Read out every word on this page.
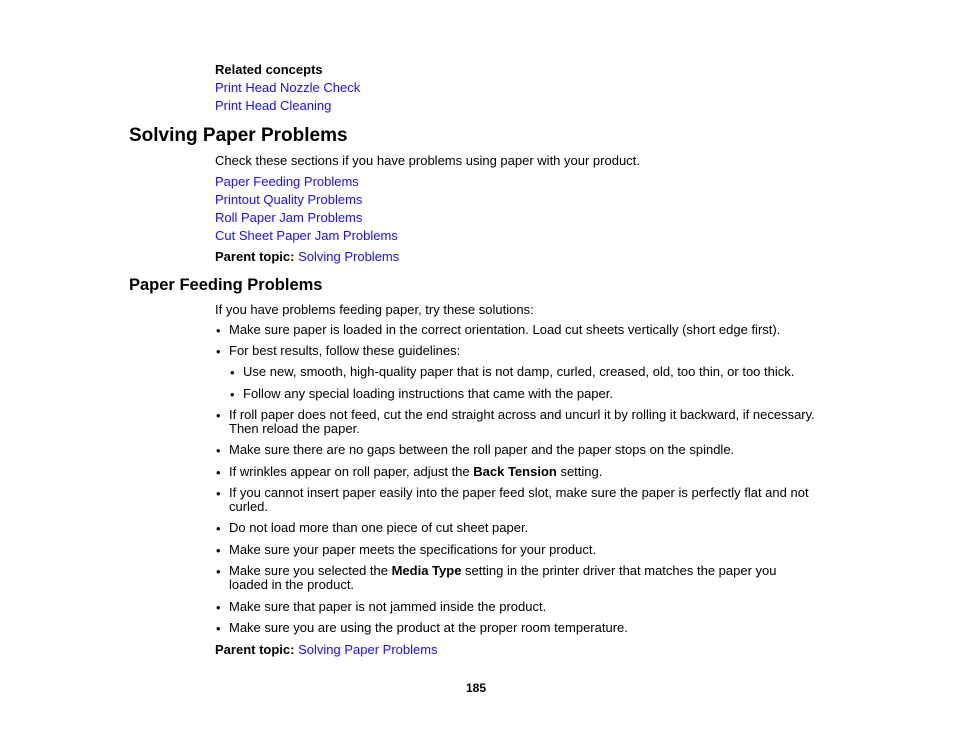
Related concepts
Print Head Nozzle Check
Print Head Cleaning
Solving Paper Problems
Check these sections if you have problems using paper with your product.
Paper Feeding Problems
Printout Quality Problems
Roll Paper Jam Problems
Cut Sheet Paper Jam Problems
Parent topic: Solving Problems
Paper Feeding Problems
If you have problems feeding paper, try these solutions:
• Make sure paper is loaded in the correct orientation. Load cut sheets vertically (short edge first).
• For best results, follow these guidelines:
• Use new, smooth, high-quality paper that is not damp, curled, creased, old, too thin, or too thick.
• Follow any special loading instructions that came with the paper.
• If roll paper does not feed, cut the end straight across and uncurl it by rolling it backward, if necessary. Then reload the paper.
• Make sure there are no gaps between the roll paper and the paper stops on the spindle.
• If wrinkles appear on roll paper, adjust the Back Tension setting.
• If you cannot insert paper easily into the paper feed slot, make sure the paper is perfectly flat and not curled.
• Do not load more than one piece of cut sheet paper.
• Make sure your paper meets the specifications for your product.
• Make sure you selected the Media Type setting in the printer driver that matches the paper you loaded in the product.
• Make sure that paper is not jammed inside the product.
• Make sure you are using the product at the proper room temperature.
Parent topic: Solving Paper Problems
185
